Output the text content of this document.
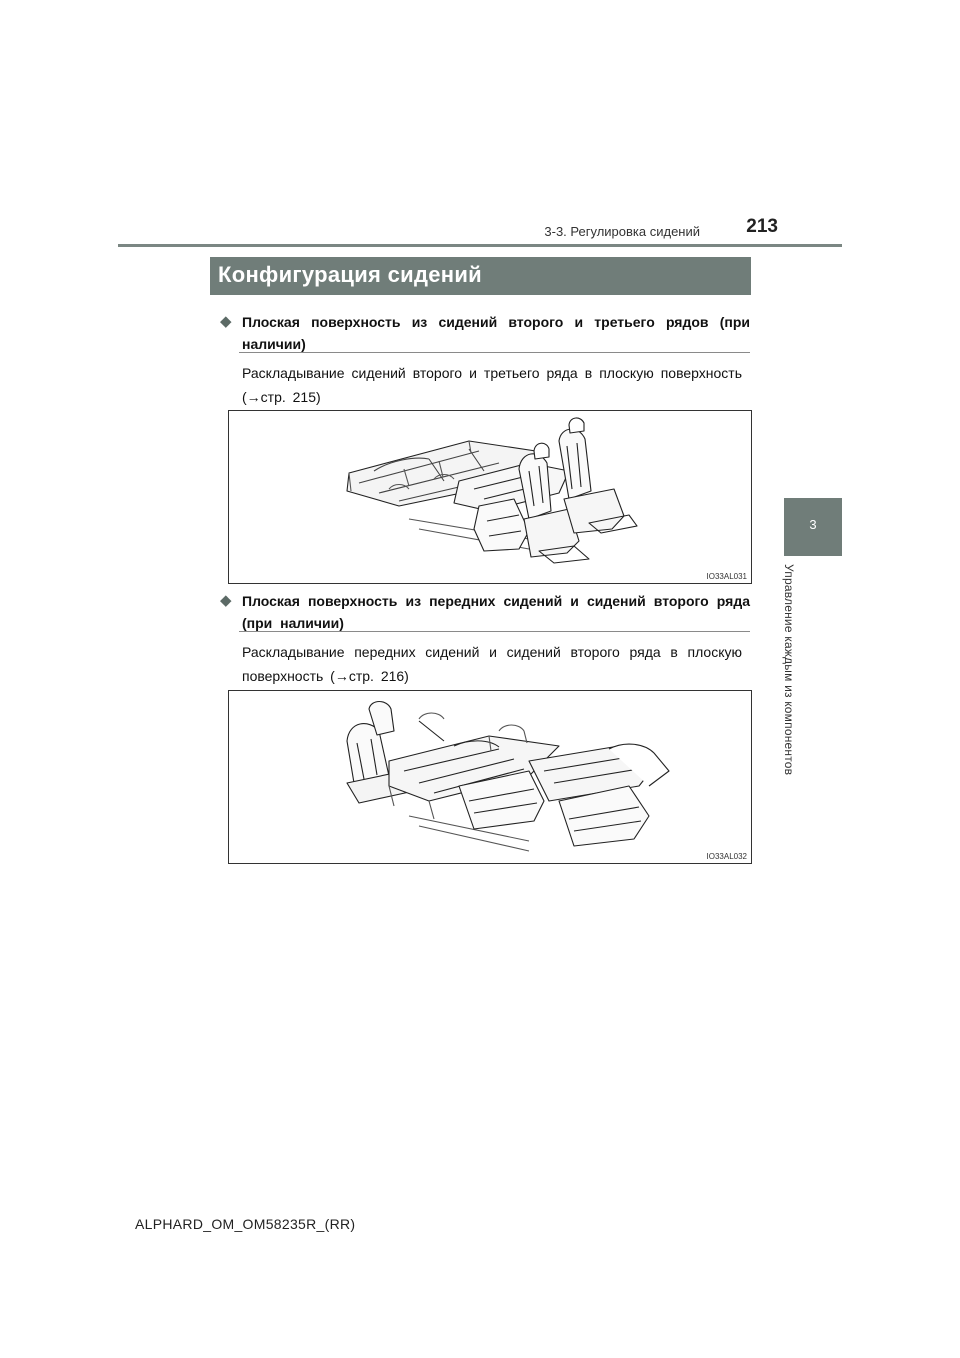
213
3-3. Регулировка сидений
Конфигурация сидений
3
Управление каждым из компонентов
◆ Плоская поверхность из сидений второго и третьего рядов (при наличии)
Раскладывание сидений второго и третьего ряда в плоскую поверхность (→стр. 215)
IO33AL031
◆ Плоская поверхность из передних сидений и сидений второго ряда (при наличии)
Раскладывание передних сидений и сидений второго ряда в плоскую поверхность (→стр. 216)
IO33AL032
ALPHARD_OM_OM58235R_(RR)
